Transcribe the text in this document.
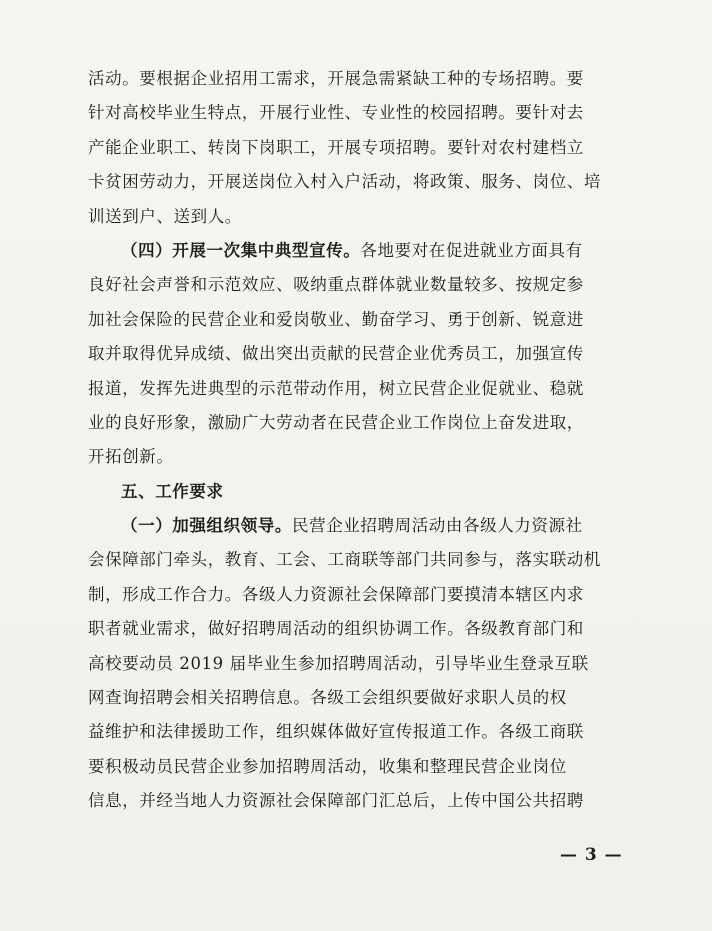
活动。要根据企业招用工需求，开展急需紧缺工种的专场招聘。要
针对高校毕业生特点，开展行业性、专业性的校园招聘。要针对去
产能企业职工、转岗下岗职工，开展专项招聘。要针对农村建档立
卡贫困劳动力，开展送岗位入村入户活动，将政策、服务、岗位、培
训送到户、送到人。
（四）开展一次集中典型宣传。各地要对在促进就业方面具有
良好社会声誉和示范效应、吸纳重点群体就业数量较多、按规定参
加社会保险的民营企业和爱岗敬业、勤奋学习、勇于创新、锐意进
取并取得优异成绩、做出突出贡献的民营企业优秀员工，加强宣传
报道，发挥先进典型的示范带动作用，树立民营企业促就业、稳就
业的良好形象，激励广大劳动者在民营企业工作岗位上奋发进取，
开拓创新。
五、工作要求
（一）加强组织领导。民营企业招聘周活动由各级人力资源社
会保障部门牵头，教育、工会、工商联等部门共同参与，落实联动机
制，形成工作合力。各级人力资源社会保障部门要摸清本辖区内求
职者就业需求，做好招聘周活动的组织协调工作。各级教育部门和
高校要动员 2019 届毕业生参加招聘周活动，引导毕业生登录互联
网查询招聘会相关招聘信息。各级工会组织要做好求职人员的权
益维护和法律援助工作，组织媒体做好宣传报道工作。各级工商联
要积极动员民营企业参加招聘周活动，收集和整理民营企业岗位
信息，并经当地人力资源社会保障部门汇总后，上传中国公共招聘
— 3 —
